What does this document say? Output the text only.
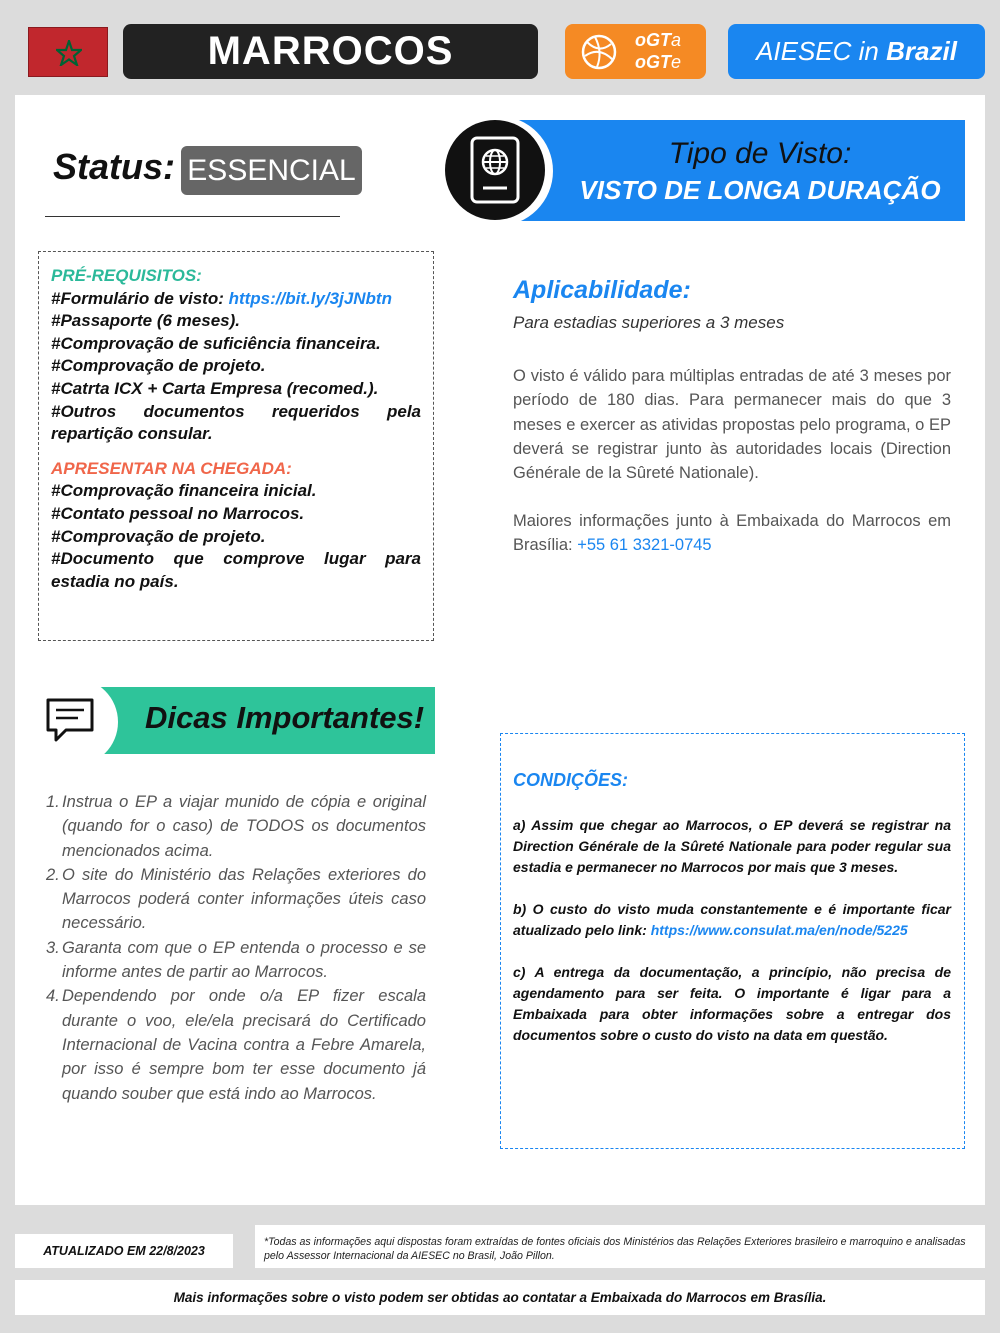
MARROCOS	oGTa
oGTe	AIESEC in Brazil
Status: ESSENCIAL
Tipo de Visto:
VISTO DE LONGA DURAÇÃO
PRÉ-REQUISITOS:
#Formulário de visto: https://bit.ly/3jJNbtn
#Passaporte (6 meses).
#Comprovação de suficiência financeira.
#Comprovação de projeto.
#Catrta ICX + Carta Empresa (recomed.).
#Outros documentos requeridos pela repartição consular.
APRESENTAR NA CHEGADA:
#Comprovação financeira inicial.
#Contato pessoal no Marrocos.
#Comprovação de projeto.
#Documento que comprove lugar para estadia no país.
Aplicabilidade:
Para estadias superiores a 3 meses
O visto é válido para múltiplas entradas de até 3 meses por período de 180 dias. Para permanecer mais do que 3 meses e exercer as atividas propostas pelo programa, o EP deverá se registrar junto às autoridades locais (Direction Générale de la Sûreté Nationale).
Maiores informações junto à Embaixada do Marrocos em Brasília: +55 61 3321-0745
Dicas Importantes!
1. Instrua o EP a viajar munido de cópia e original (quando for o caso) de TODOS os documentos mencionados acima.
2. O site do Ministério das Relações exteriores do Marrocos poderá conter informações úteis caso necessário.
3. Garanta com que o EP entenda o processo e se informe antes de partir ao Marrocos.
4. Dependendo por onde o/a EP fizer escala durante o voo, ele/ela precisará do Certificado Internacional de Vacina contra a Febre Amarela, por isso é sempre bom ter esse documento já quando souber que está indo ao Marrocos.
CONDIÇÕES:

a) Assim que chegar ao Marrocos, o EP deverá se registrar na Direction Générale de la Sûreté Nationale para poder regular sua estadia e permanecer no Marrocos por mais que 3 meses.

b) O custo do visto muda constantemente e é importante ficar atualizado pelo link: https://www.consulat.ma/en/node/5225

c) A entrega da documentação, a princípio, não precisa de agendamento para ser feita. O importante é ligar para a Embaixada para obter informações sobre a entregar dos documentos sobre o custo do visto na data em questão.

ATUALIZADO EM 22/8/2023
*Todas as informações aqui dispostas foram extraídas de fontes oficiais dos Ministérios das Relações Exteriores brasileiro e marroquino e analisadas pelo Assessor Internacional da AIESEC no Brasil, João Pillon.
Mais informações sobre o visto podem ser obtidas ao contatar a Embaixada do Marrocos em Brasília.
